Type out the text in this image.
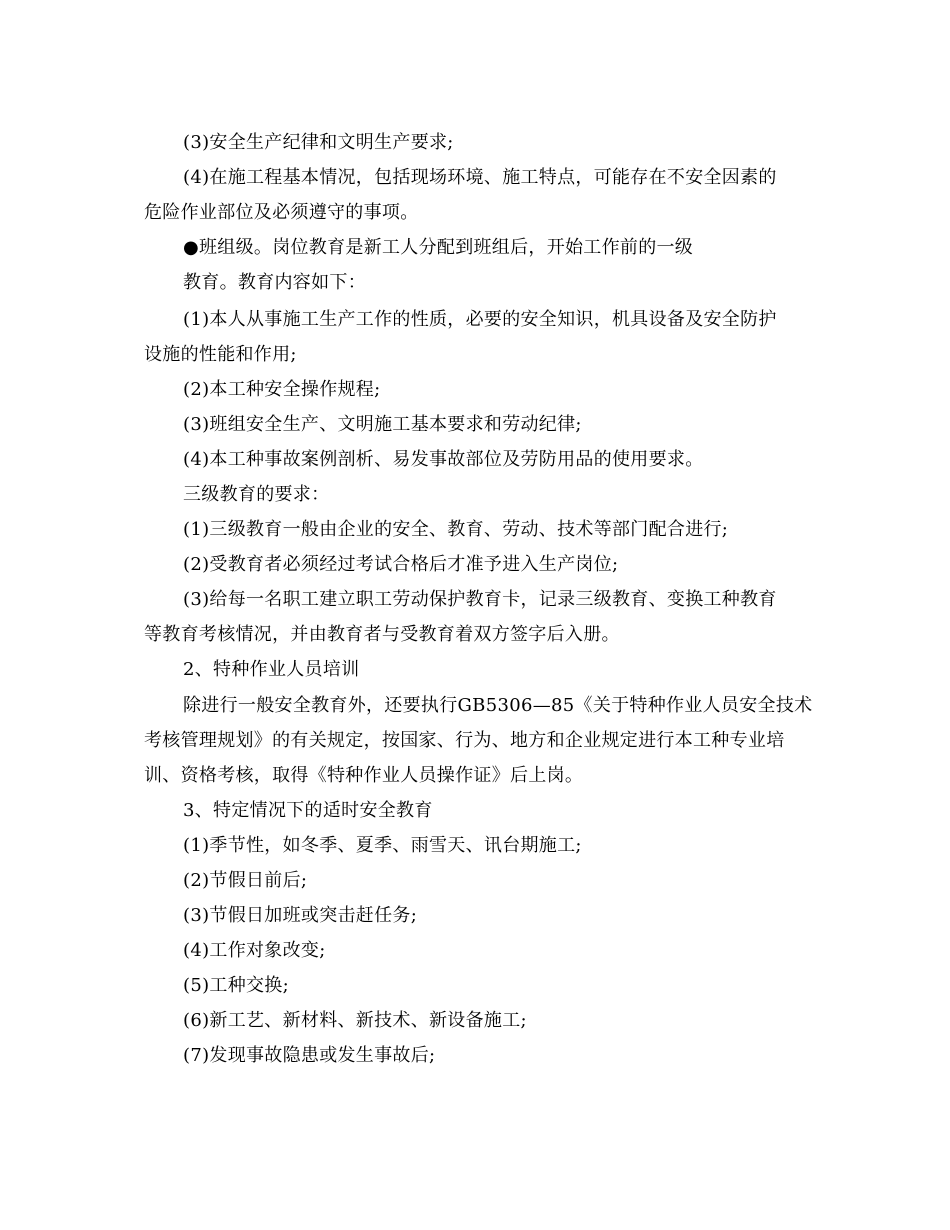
(3)安全生产纪律和文明生产要求;
(4)在施工程基本情况，包括现场环境、施工特点，可能存在不安全因素的
危险作业部位及必须遵守的事项。
●班组级。岗位教育是新工人分配到班组后，开始工作前的一级
教育。教育内容如下：
(1)本人从事施工生产工作的性质，必要的安全知识，机具设备及安全防护
设施的性能和作用;
(2)本工种安全操作规程;
(3)班组安全生产、文明施工基本要求和劳动纪律;
(4)本工种事故案例剖析、易发事故部位及劳防用品的使用要求。
三级教育的要求：
(1)三级教育一般由企业的安全、教育、劳动、技术等部门配合进行;
(2)受教育者必须经过考试合格后才准予进入生产岗位;
(3)给每一名职工建立职工劳动保护教育卡，记录三级教育、变换工种教育
等教育考核情况，并由教育者与受教育着双方签字后入册。
2、特种作业人员培训
除进行一般安全教育外，还要执行GB5306—85《关于特种作业人员安全技术
考核管理规划》的有关规定，按国家、行为、地方和企业规定进行本工种专业培
训、资格考核，取得《特种作业人员操作证》后上岗。
3、特定情况下的适时安全教育
(1)季节性，如冬季、夏季、雨雪天、讯台期施工;
(2)节假日前后;
(3)节假日加班或突击赶任务;
(4)工作对象改变;
(5)工种交换;
(6)新工艺、新材料、新技术、新设备施工;
(7)发现事故隐患或发生事故后;
